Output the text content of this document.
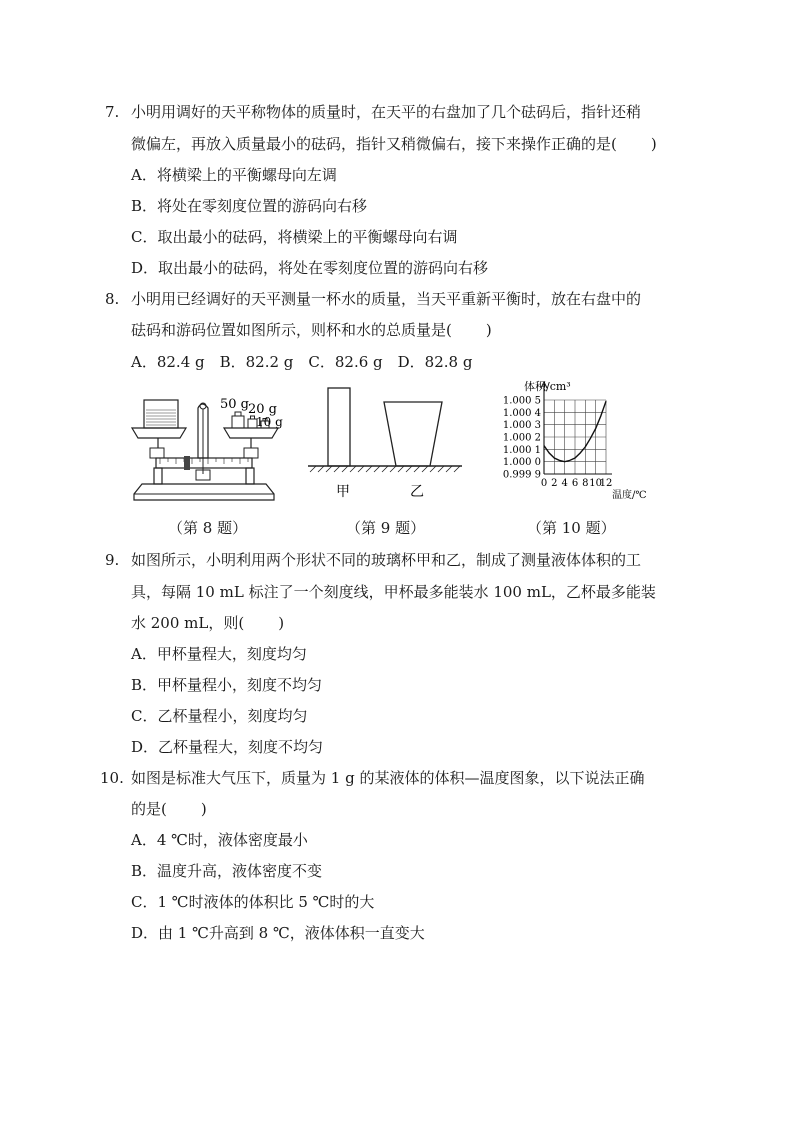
7. 小明用调好的天平称物体的质量时，在天平的右盘加了几个砝码后，指针还稍
微偏左，再放入质量最小的砝码，指针又稍微偏右，接下来操作正确的是( )
A．将横梁上的平衡螺母向左调
B．将处在零刻度位置的游码向右移
C．取出最小的砝码，将横梁上的平衡螺母向右调
D．取出最小的砝码，将处在零刻度位置的游码向右移
8. 小明用已经调好的天平测量一杯水的质量，当天平重新平衡时，放在右盘中的
砝码和游码位置如图所示，则杯和水的总质量是( )
A．82.4 g　B．82.2 g　C．82.6 g　D．82.8 g
50 g 20 g
10 g
（第 8 题）
甲	乙
（第 9 题）
体积/cm³
温度/℃
0.999 9
1.000 0
1.000 1
1.000 2
1.000 3
1.000 4
1.000 5
0 2 4 6 8 10
12
（第 10 题）
9. 如图所示，小明利用两个形状不同的玻璃杯甲和乙，制成了测量液体体积的工
具，每隔 10 mL 标注了一个刻度线，甲杯最多能装水 100 mL，乙杯最多能装
水 200 mL，则( )
A．甲杯量程大，刻度均匀
B．甲杯量程小，刻度不均匀
C．乙杯量程小，刻度均匀
D．乙杯量程大，刻度不均匀
10. 如图是标准大气压下，质量为 1 g 的某液体的体积—温度图象，以下说法正确
的是( )
A．4 ℃时，液体密度最小
B．温度升高，液体密度不变
C．1 ℃时液体的体积比 5 ℃时的大
D．由 1 ℃升高到 8 ℃，液体体积一直变大
